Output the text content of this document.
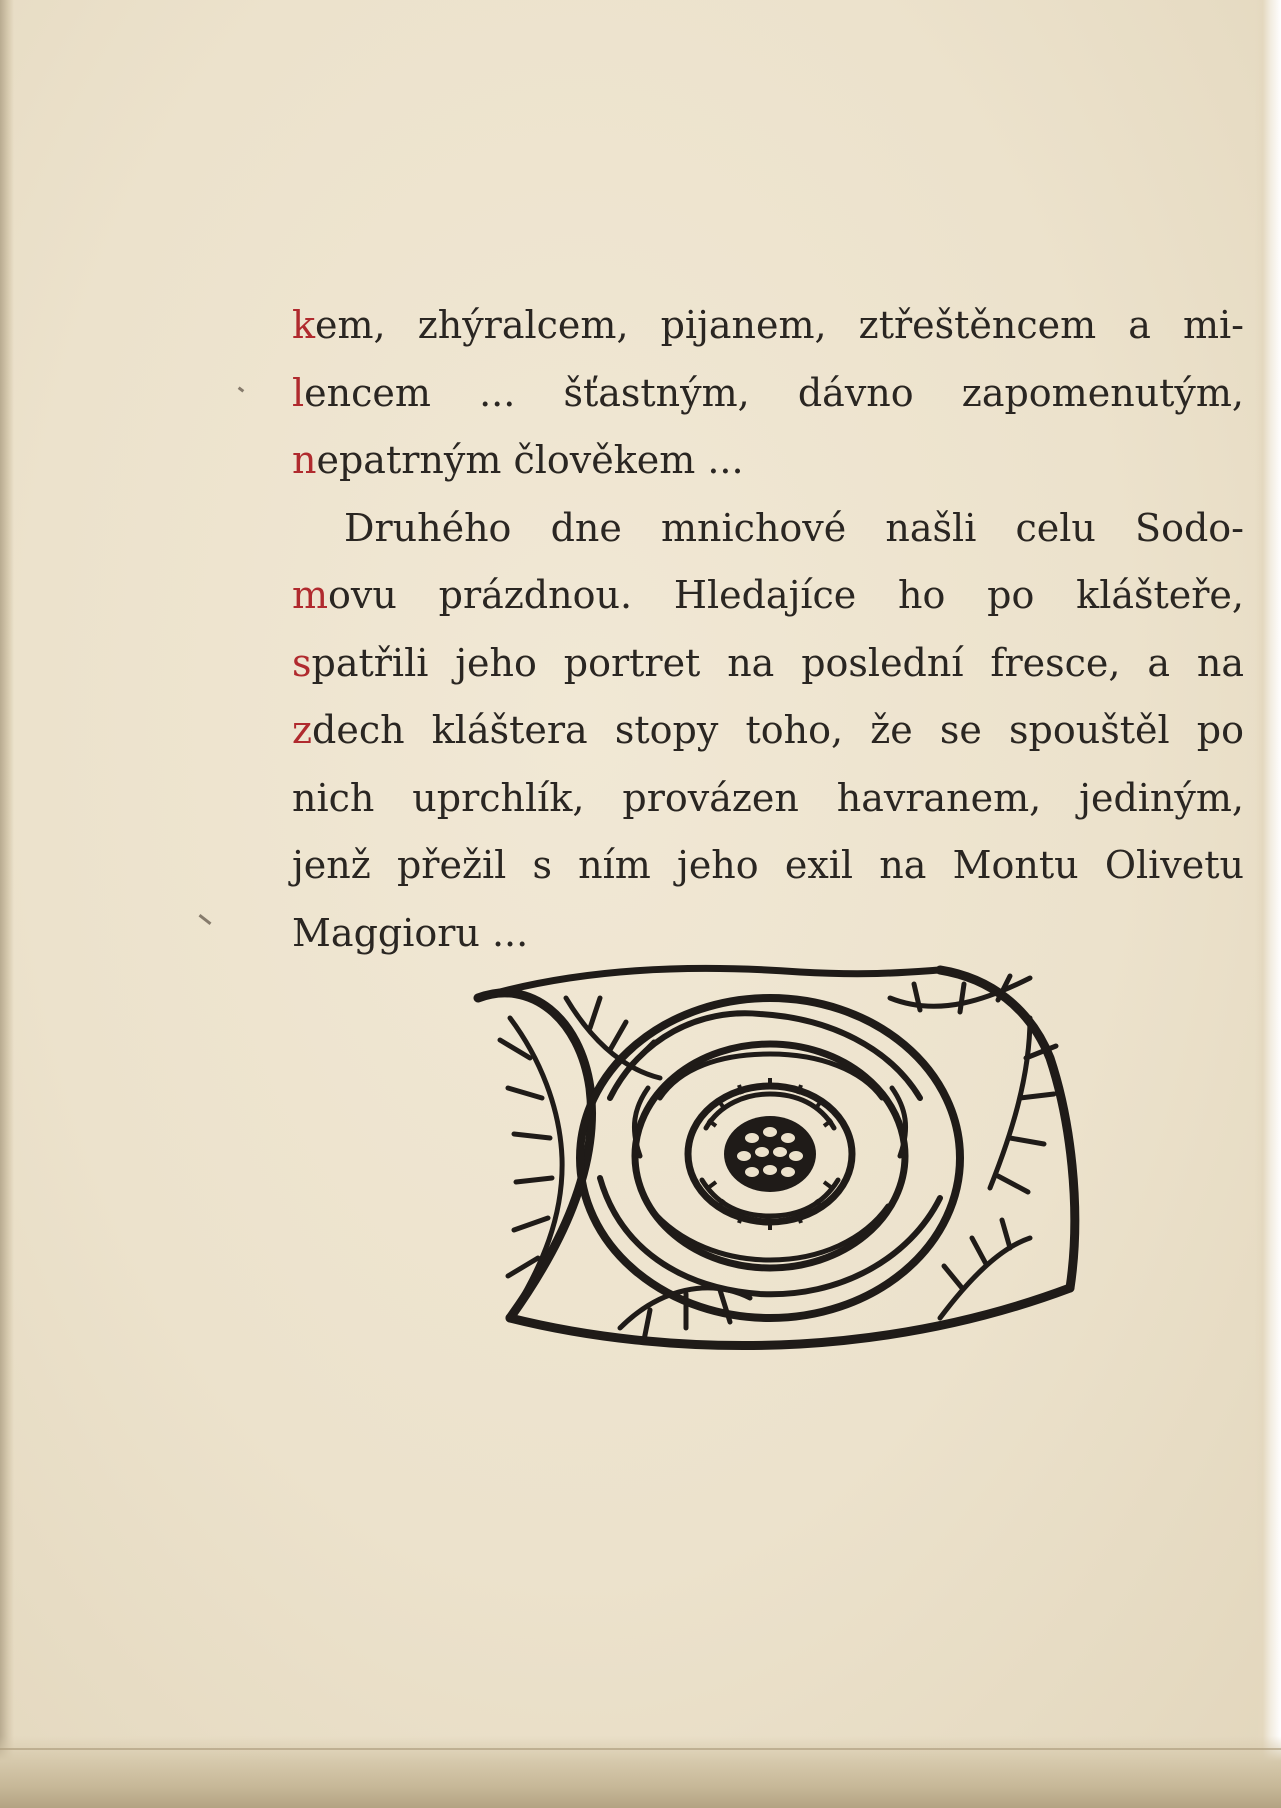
kem, zhýralcem, pijanem, ztřeštěncem a mi-
lencem ... šťastným, dávno zapomenutým,
nepatrným člověkem ...
Druhého dne mnichové našli celu Sodo-
movu prázdnou. Hledajíce ho po klášteře,
spatřili jeho portret na poslední fresce, a na
zdech kláštera stopy toho, že se spouštěl po
nich uprchlík, provázen havranem, jediným,
jenž přežil s ním jeho exil na Montu Olivetu
Maggioru ...
